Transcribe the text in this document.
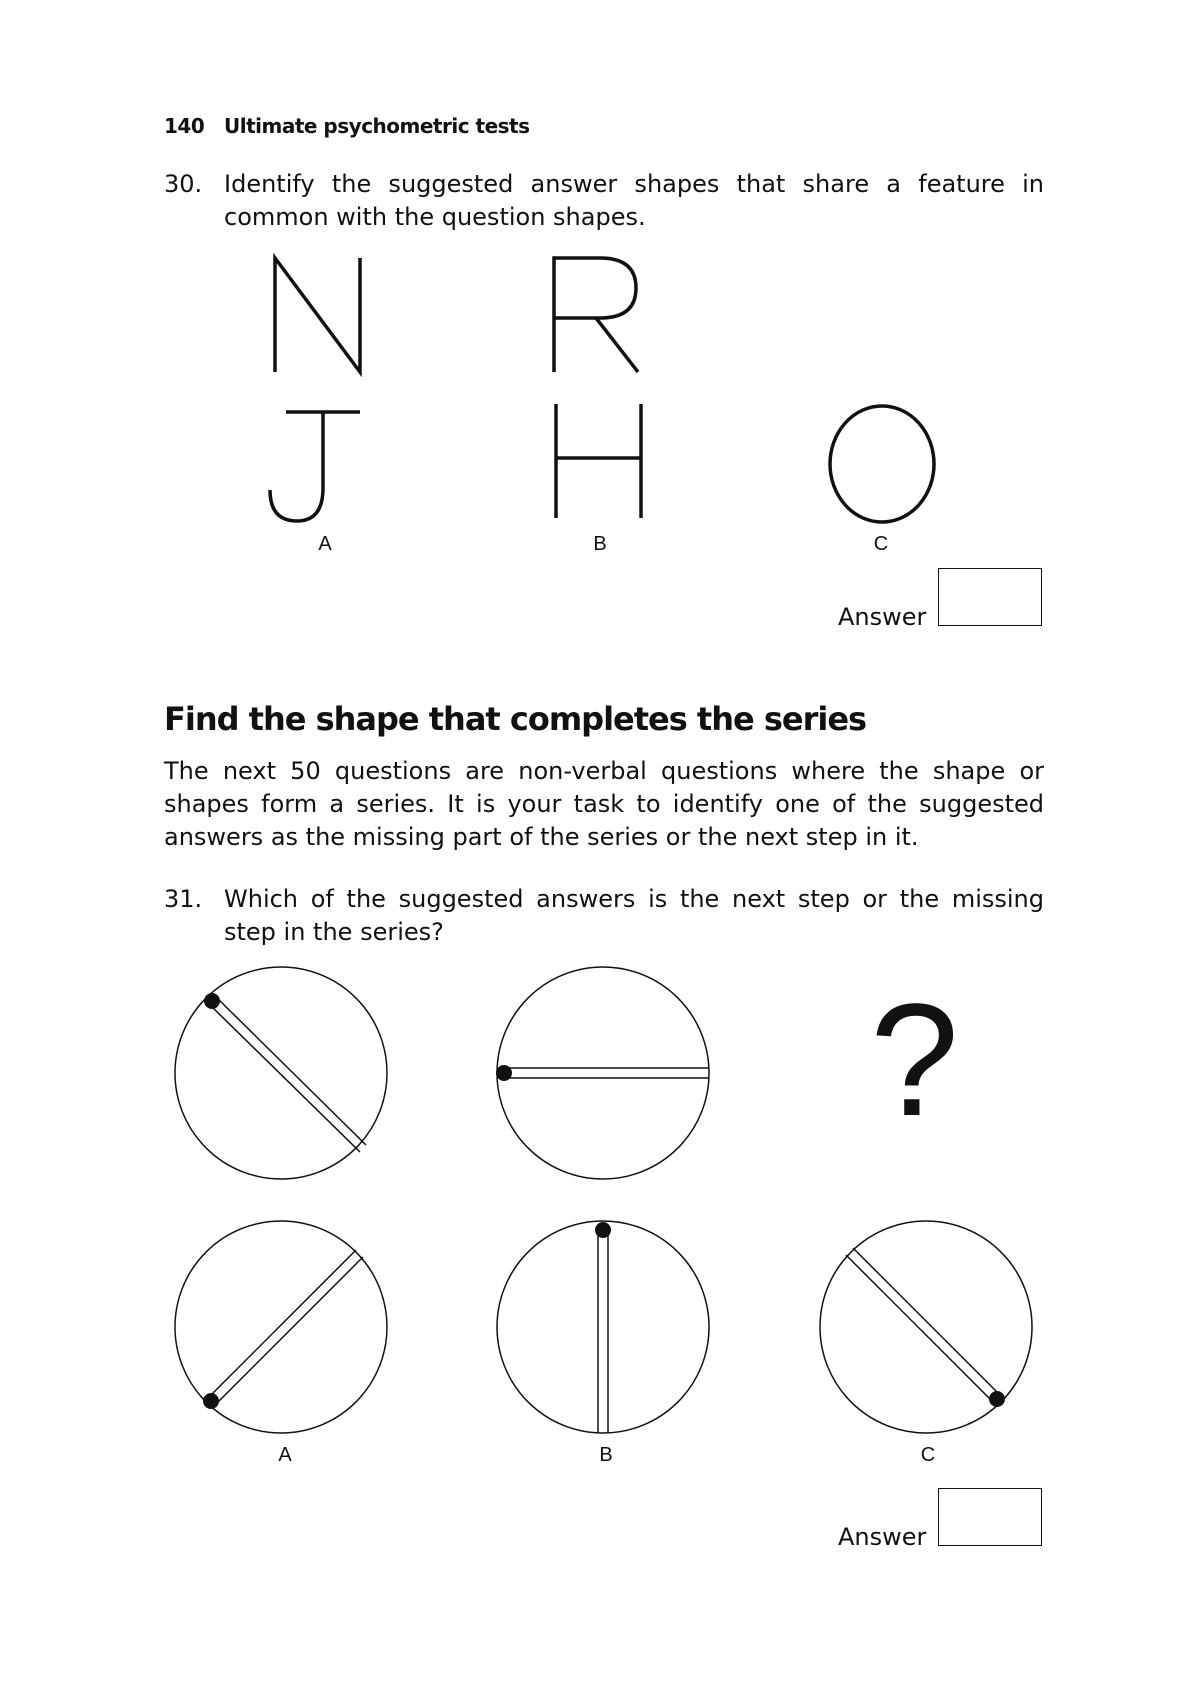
140 Ultimate psychometric tests
30. Identify the suggested answer shapes that share a feature in common with the question shapes.
A	B	C
Answer
Find the shape that completes the series
The next 50 questions are non-verbal questions where the shape or shapes form a series. It is your task to identify one of the suggested answers as the missing part of the series or the next step in it.
31. Which of the suggested answers is the next step or the missing step in the series?
?
A	B	C
Answer
